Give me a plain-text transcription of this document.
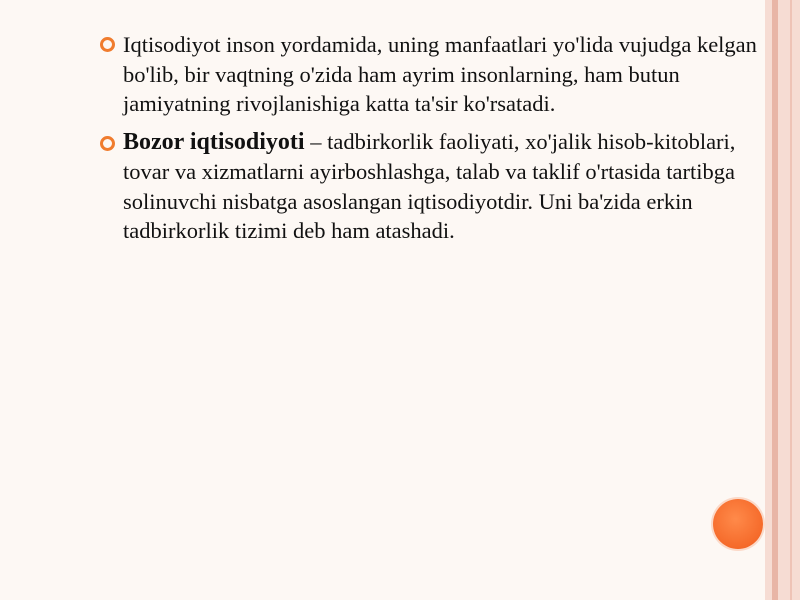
Iqtisodiyot inson yordamida, uning manfaatlari yo'lida vujudga kelgan bo'lib, bir vaqtning o'zida ham ayrim insonlarning, ham butun jamiyatning rivojlanishiga katta ta'sir ko'rsatadi.
Bozor iqtisodiyoti – tadbirkorlik faoliyati, xo'jalik hisob-kitoblari, tovar va xizmatlarni ayirboshlashga, talab va taklif o'rtasida tartibga solinuvchi nisbatga asoslangan iqtisodiyotdir. Uni ba'zida erkin tadbirkorlik tizimi deb ham atashadi.
